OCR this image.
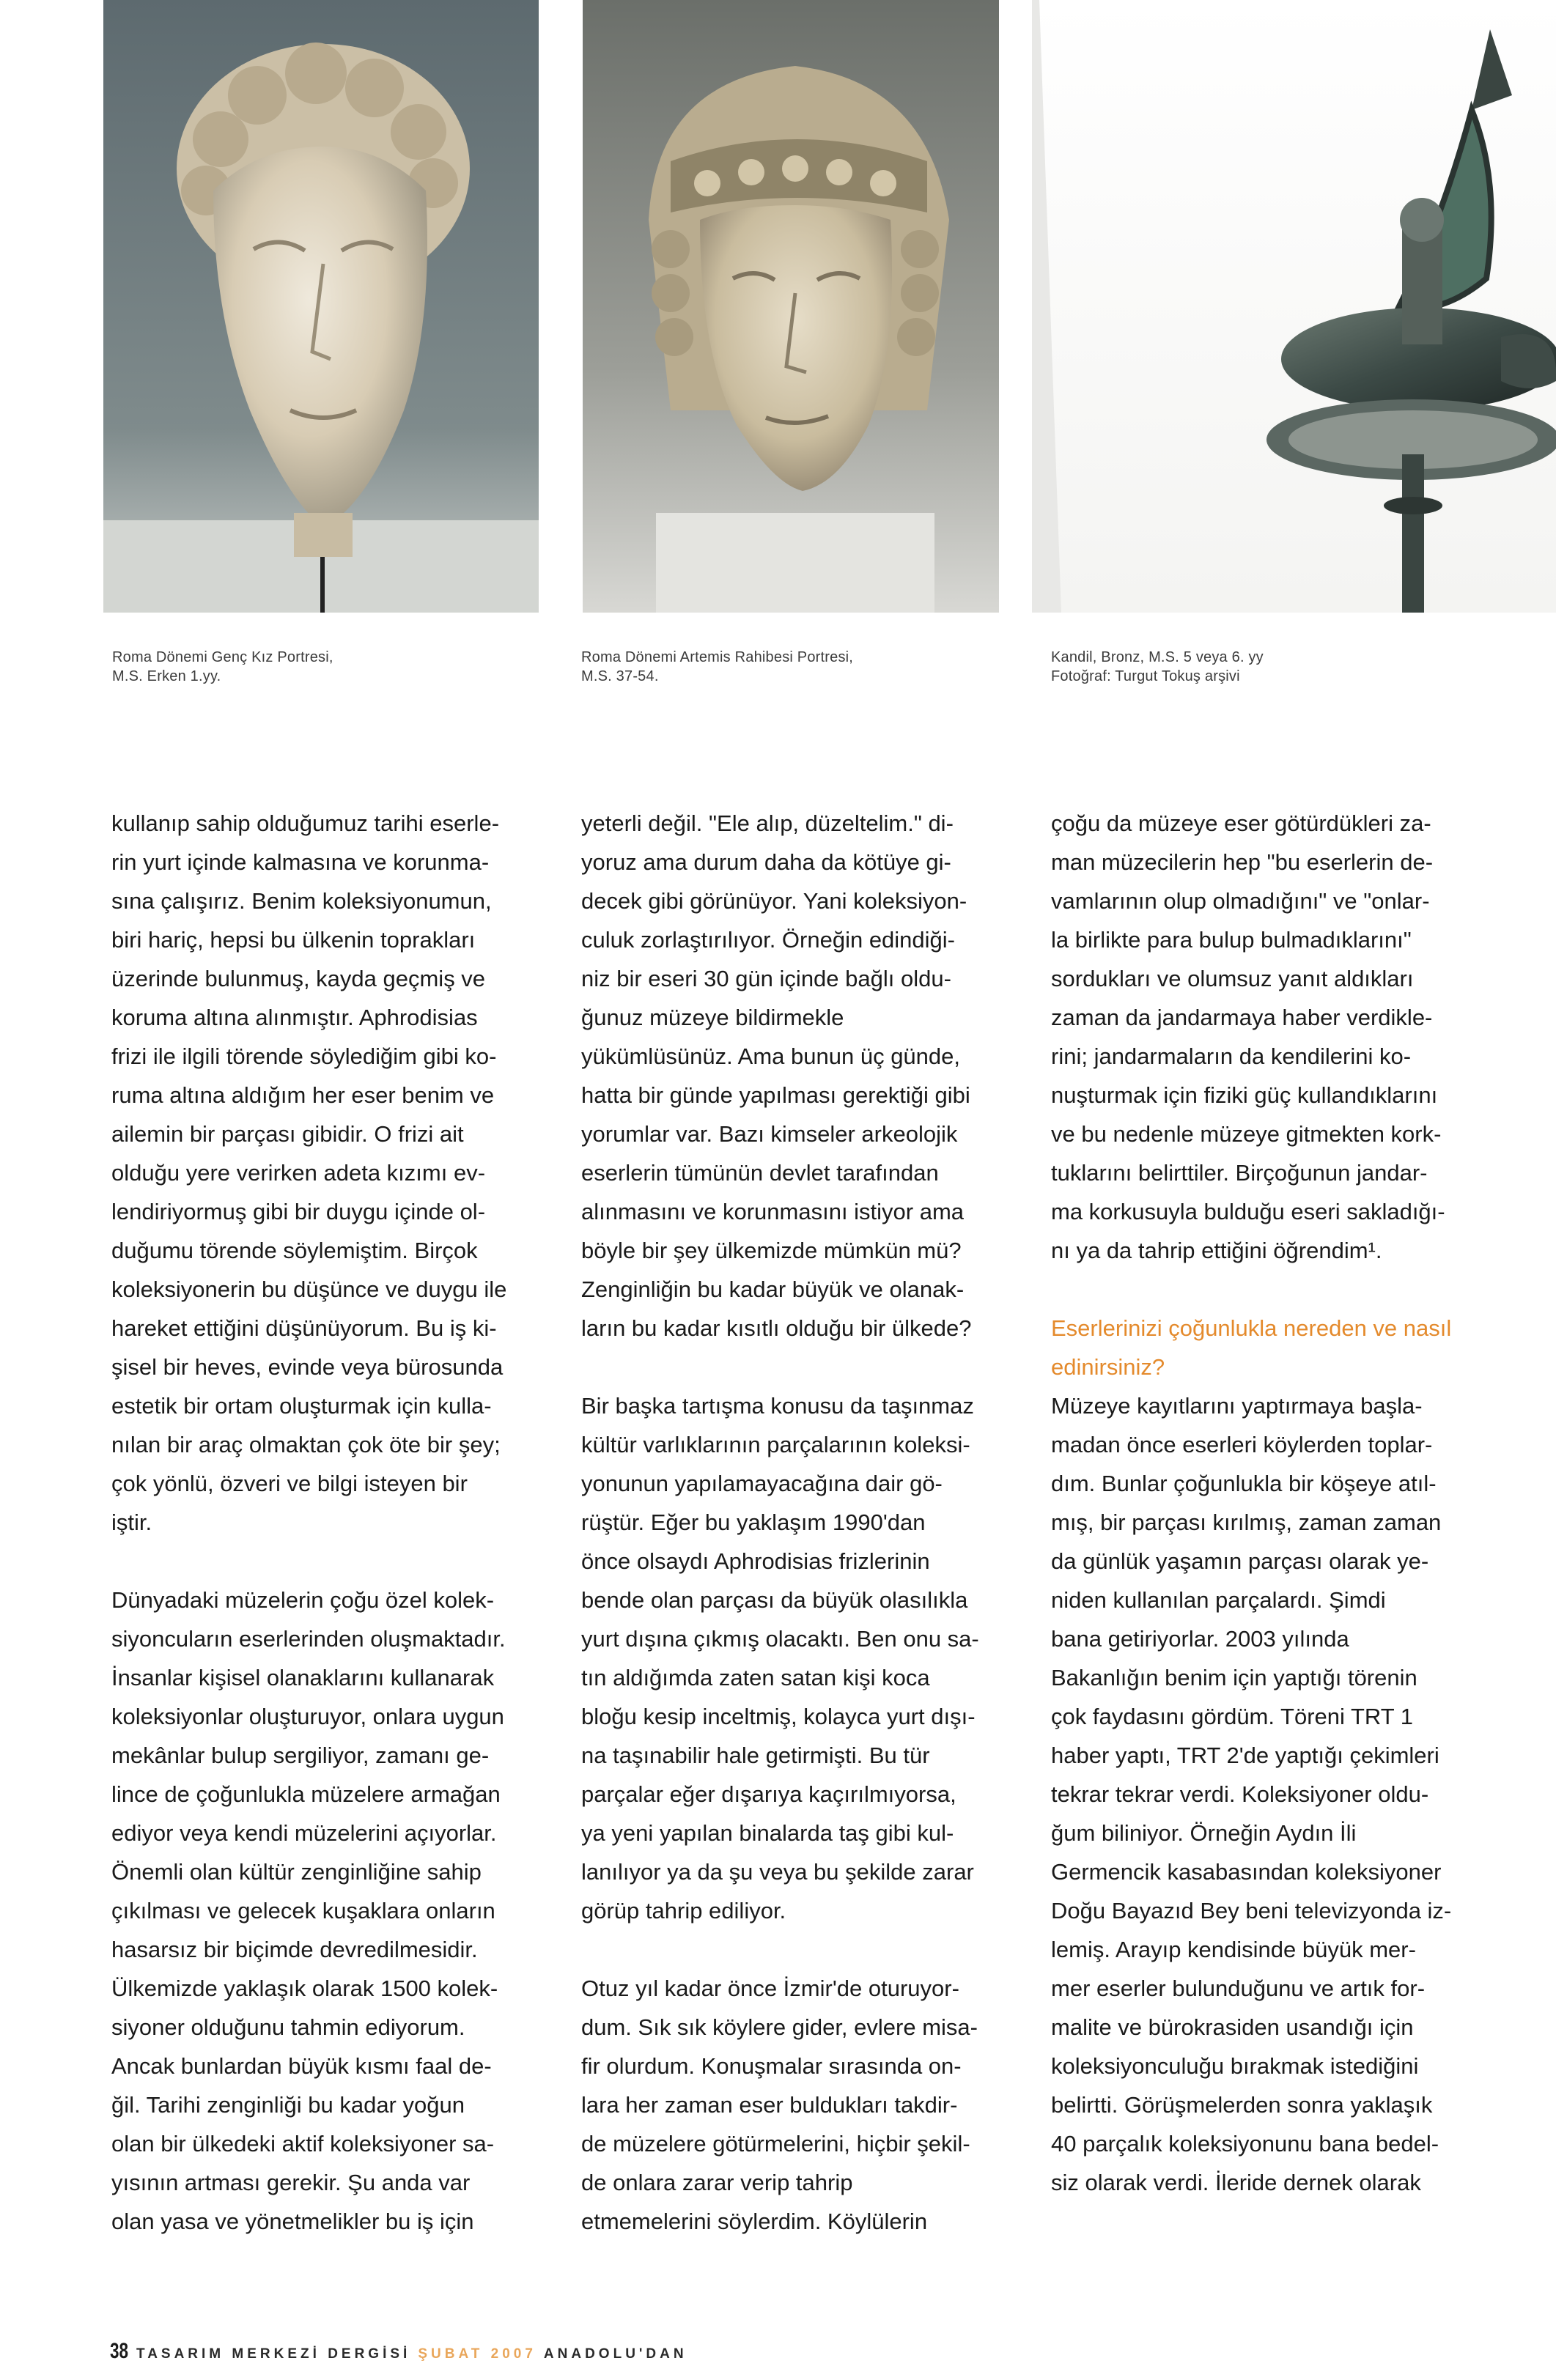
Roma Dönemi Genç Kız Portresi,
M.S. Erken 1.yy.
Roma Dönemi Artemis Rahibesi Portresi,
M.S. 37-54.
Kandil, Bronz, M.S. 5 veya 6. yy
Fotoğraf: Turgut Tokuş arşivi

kullanıp sahip olduğumuz tarihi eserle-

rin yurt içinde kalmasına ve korunma-

sına çalışırız. Benim koleksiyonumun,

biri hariç, hepsi bu ülkenin toprakları

üzerinde bulunmuş, kayda geçmiş ve

koruma altına alınmıştır. Aphrodisias

frizi ile ilgili törende söylediğim gibi ko-

ruma altına aldığım her eser benim ve

ailemin bir parçası gibidir. O frizi ait

olduğu yere verirken adeta kızımı ev-

lendiriyormuş gibi bir duygu içinde ol-

duğumu törende söylemiştim. Birçok

koleksiyonerin bu düşünce ve duygu ile

hareket ettiğini düşünüyorum. Bu iş ki-

şisel bir heves, evinde veya bürosunda

estetik bir ortam oluşturmak için kulla-

nılan bir araç olmaktan çok öte bir şey;

çok yönlü, özveri ve bilgi isteyen bir

iştir.

Dünyadaki müzelerin çoğu özel kolek-

siyoncuların eserlerinden oluşmaktadır.

İnsanlar kişisel olanaklarını kullanarak

koleksiyonlar oluşturuyor, onlara uygun

mekânlar bulup sergiliyor, zamanı ge-

lince de çoğunlukla müzelere armağan

ediyor veya kendi müzelerini açıyorlar.

Önemli olan kültür zenginliğine sahip

çıkılması ve gelecek kuşaklara onların

hasarsız bir biçimde devredilmesidir.

Ülkemizde yaklaşık olarak 1500 kolek-

siyoner olduğunu tahmin ediyorum.

Ancak bunlardan büyük kısmı faal de-

ğil. Tarihi zenginliği bu kadar yoğun

olan bir ülkedeki aktif koleksiyoner sa-

yısının artması gerekir. Şu anda var

olan yasa ve yönetmelikler bu iş için

yeterli değil. "Ele alıp, düzeltelim." di-

yoruz ama durum daha da kötüye gi-

decek gibi görünüyor. Yani koleksiyon-

culuk zorlaştırılıyor. Örneğin edindiği-

niz bir eseri 30 gün içinde bağlı oldu-

ğunuz müzeye bildirmekle

yükümlüsünüz. Ama bunun üç günde,

hatta bir günde yapılması gerektiği gibi

yorumlar var. Bazı kimseler arkeolojik

eserlerin tümünün devlet tarafından

alınmasını ve korunmasını istiyor ama

böyle bir şey ülkemizde mümkün mü?

Zenginliğin bu kadar büyük ve olanak-

ların bu kadar kısıtlı olduğu bir ülkede?

Bir başka tartışma konusu da taşınmaz

kültür varlıklarının parçalarının koleksi-

yonunun yapılamayacağına dair gö-

rüştür. Eğer bu yaklaşım 1990'dan

önce olsaydı Aphrodisias frizlerinin

bende olan parçası da büyük olasılıkla

yurt dışına çıkmış olacaktı. Ben onu sa-

tın aldığımda zaten satan kişi koca

bloğu kesip inceltmiş, kolayca yurt dışı-

na taşınabilir hale getirmişti. Bu tür

parçalar eğer dışarıya kaçırılmıyorsa,

ya yeni yapılan binalarda taş gibi kul-

lanılıyor ya da şu veya bu şekilde zarar

görüp tahrip ediliyor.

Otuz yıl kadar önce İzmir'de oturuyor-

dum. Sık sık köylere gider, evlere misa-

fir olurdum. Konuşmalar sırasında on-

lara her zaman eser buldukları takdir-

de müzelere götürmelerini, hiçbir şekil-

de onlara zarar verip tahrip

etmemelerini söylerdim. Köylülerin

çoğu da müzeye eser götürdükleri za-

man müzecilerin hep "bu eserlerin de-

vamlarının olup olmadığını" ve "onlar-

la birlikte para bulup bulmadıklarını"

sordukları ve olumsuz yanıt aldıkları

zaman da jandarmaya haber verdikle-

rini; jandarmaların da kendilerini ko-

nuşturmak için fiziki güç kullandıklarını

ve bu nedenle müzeye gitmekten kork-

tuklarını belirttiler. Birçoğunun jandar-

ma korkusuyla bulduğu eseri sakladığı-

nı ya da tahrip ettiğini öğrendim¹.

Eserlerinizi çoğunlukla nereden ve nasıl

edinirsiniz?

Müzeye kayıtlarını yaptırmaya başla-

madan önce eserleri köylerden toplar-

dım. Bunlar çoğunlukla bir köşeye atıl-

mış, bir parçası kırılmış, zaman zaman

da günlük yaşamın parçası olarak ye-

niden kullanılan parçalardı. Şimdi

bana getiriyorlar. 2003 yılında

Bakanlığın benim için yaptığı törenin

çok faydasını gördüm. Töreni TRT 1

haber yaptı, TRT 2'de yaptığı çekimleri

tekrar tekrar verdi. Koleksiyoner oldu-

ğum biliniyor. Örneğin Aydın İli

Germencik kasabasından koleksiyoner

Doğu Bayazıd Bey beni televizyonda iz-

lemiş. Arayıp kendisinde büyük mer-

mer eserler bulunduğunu ve artık for-

malite ve bürokrasiden usandığı için

koleksiyonculuğu bırakmak istediğini

belirtti. Görüşmelerden sonra yaklaşık

40 parçalık koleksiyonunu bana bedel-

siz olarak verdi. İleride dernek olarak

38 TASARIM MERKEZİ DERGİSİ ŞUBAT 2007 ANADOLU'DAN
